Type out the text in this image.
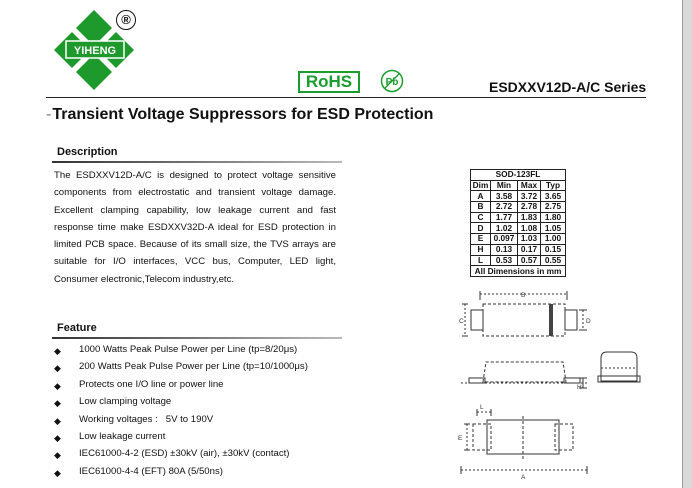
YIHENG
®
RoHS	Pb	ESDXXV12D-A/C Series
-Transient Voltage Suppressors for ESD Protection
Description

The ESDXXV12D-A/C is designed to protect voltage sensitive components from electrostatic and transient voltage damage. Excellent clamping capability, low leakage current and fast response time make ESDXXV32D-A ideal for ESD protection in limited PCB space. Because of its small size, the TVS arrays are suitable for I/O interfaces, VCC bus, Computer, LED light, Consumer electronic,Telecom industry,etc.

Feature
◆ 1000 Watts Peak Pulse Power per Line (tp=8/20μs)
◆ 200 Watts Peak Pulse Power per Line (tp=10/1000μs)
◆ Protects one I/O line or power line
◆ Low clamping voltage
◆ Working voltages :   5V to 190V
◆ Low leakage current
◆ IEC61000-4-2 (ESD) ±30kV (air), ±30kV (contact)
◆ IEC61000-4-4 (EFT) 80A (5/50ns)
SOD-123FL			
Dim	Min	Max	Typ
A	3.58	3.72	3.65
B	2.72	2.78	2.75
C	1.77	1.83	1.80
D	1.02	1.08	1.05
E	0.097	1.03	1.00
H	0.13	0.17	0.15
L	0.53	0.57	0.55
All Dimensions in mm			
B
C	D
H
L
E
A
